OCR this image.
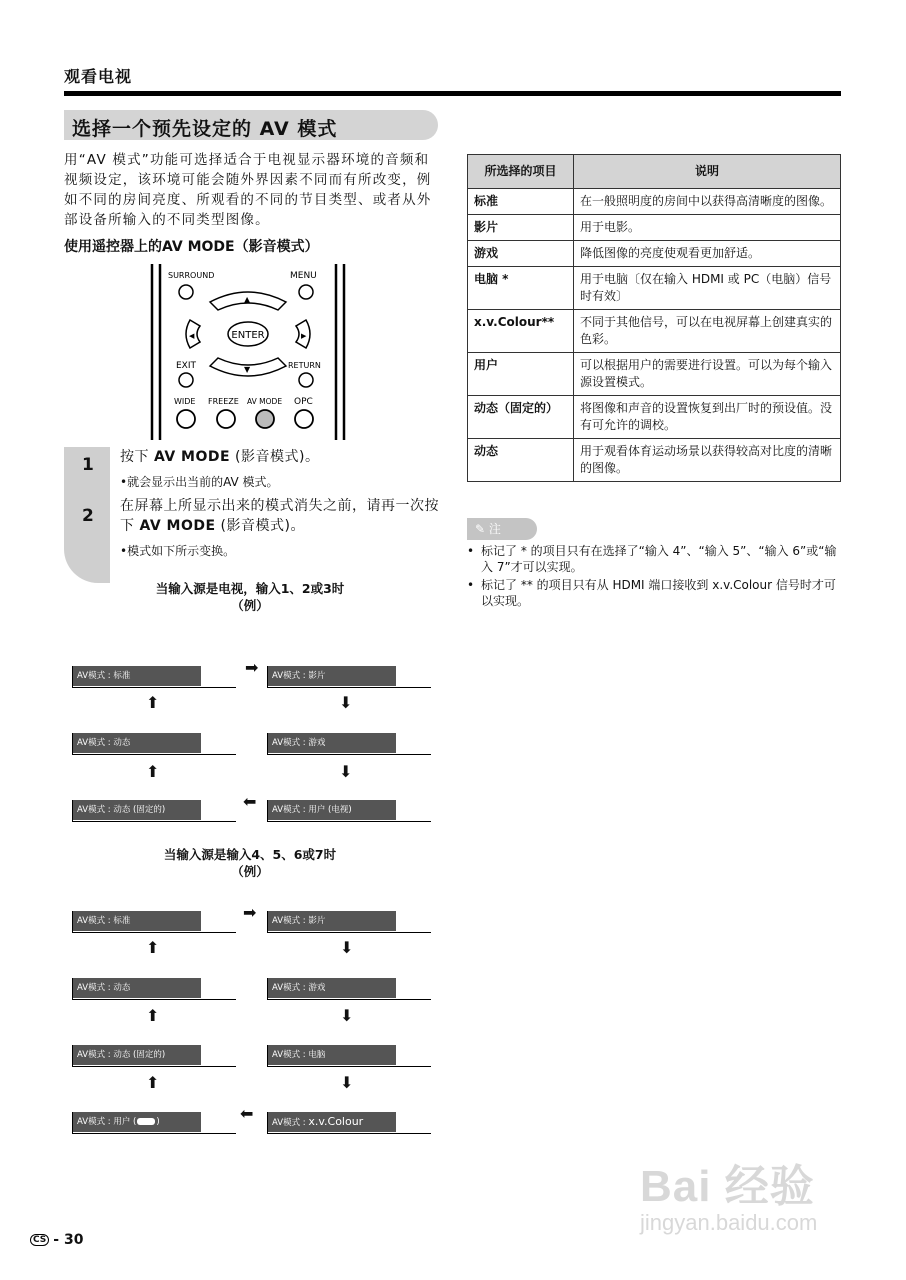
观看电视
选择一个预先设定的 AV 模式

用“AV 模式”功能可选择适合于电视显示器环境的音频和视频设定，该环境可能会随外界因素不同而有所改变，例如不同的房间亮度、所观看的不同的节目类型、或者从外部设备所输入的不同类型图像。

使用遥控器上的AV MODE（影音模式）
SURROUND	MENU
▲
◀	ENTER	▶
▼
EXIT	RETURN
WIDE FREEZE AV MODE OPC
1 按下 AV MODE (影音模式)。
•就会显示出当前的AV 模式。
2 在屏幕上所显示出来的模式消失之前，请再一次按下 AV MODE (影音模式)。
•模式如下所示变换。
当输入源是电视，输入1、2或3时
（例）
AV模式 : 标准	AV模式 : 影片
AV模式 : 动态	AV模式 : 游戏
AV模式 : 动态 (固定的)	AV模式 : 用户 (电视)
➡
⬇
⬇
⬅
⬆
⬆
当输入源是输入4、5、6或7时
（例）
AV模式 : 标准	AV模式 : 影片
AV模式 : 动态	AV模式 : 游戏
AV模式 : 动态 (固定的)	AV模式 : 电脑
AV模式 : 用户 ( )	AV模式 : x.v.Colour
➡
⬇
⬇
⬇
⬅
⬆
⬆
⬆
所选择的项目	说明
标准	在一般照明度的房间中以获得高清晰度的图像。
影片	用于电影。
游戏	降低图像的亮度使观看更加舒适。
电脑 *	用于电脑〔仅在输入 HDMI 或 PC（电脑）信号时有效〕
x.v.Colour**	不同于其他信号，可以在电视屏幕上创建真实的色彩。
用户	可以根据用户的需要进行设置。可以为每个输入源设置模式。
动态（固定的）	将图像和声音的设置恢复到出厂时的预设值。没有可允许的调校。
动态	用于观看体育运动场景以获得较高对比度的清晰的图像。
✎ 注
• 标记了 * 的项目只有在选择了“输入 4”、“输入 5”、“输入 6”或“输入 7”才可以实现。
• 标记了 ** 的项目只有从 HDMI 端口接收到 x.v.Colour 信号时才可以实现。
CS - 30
Bai 经验
jingyan.baidu.com
